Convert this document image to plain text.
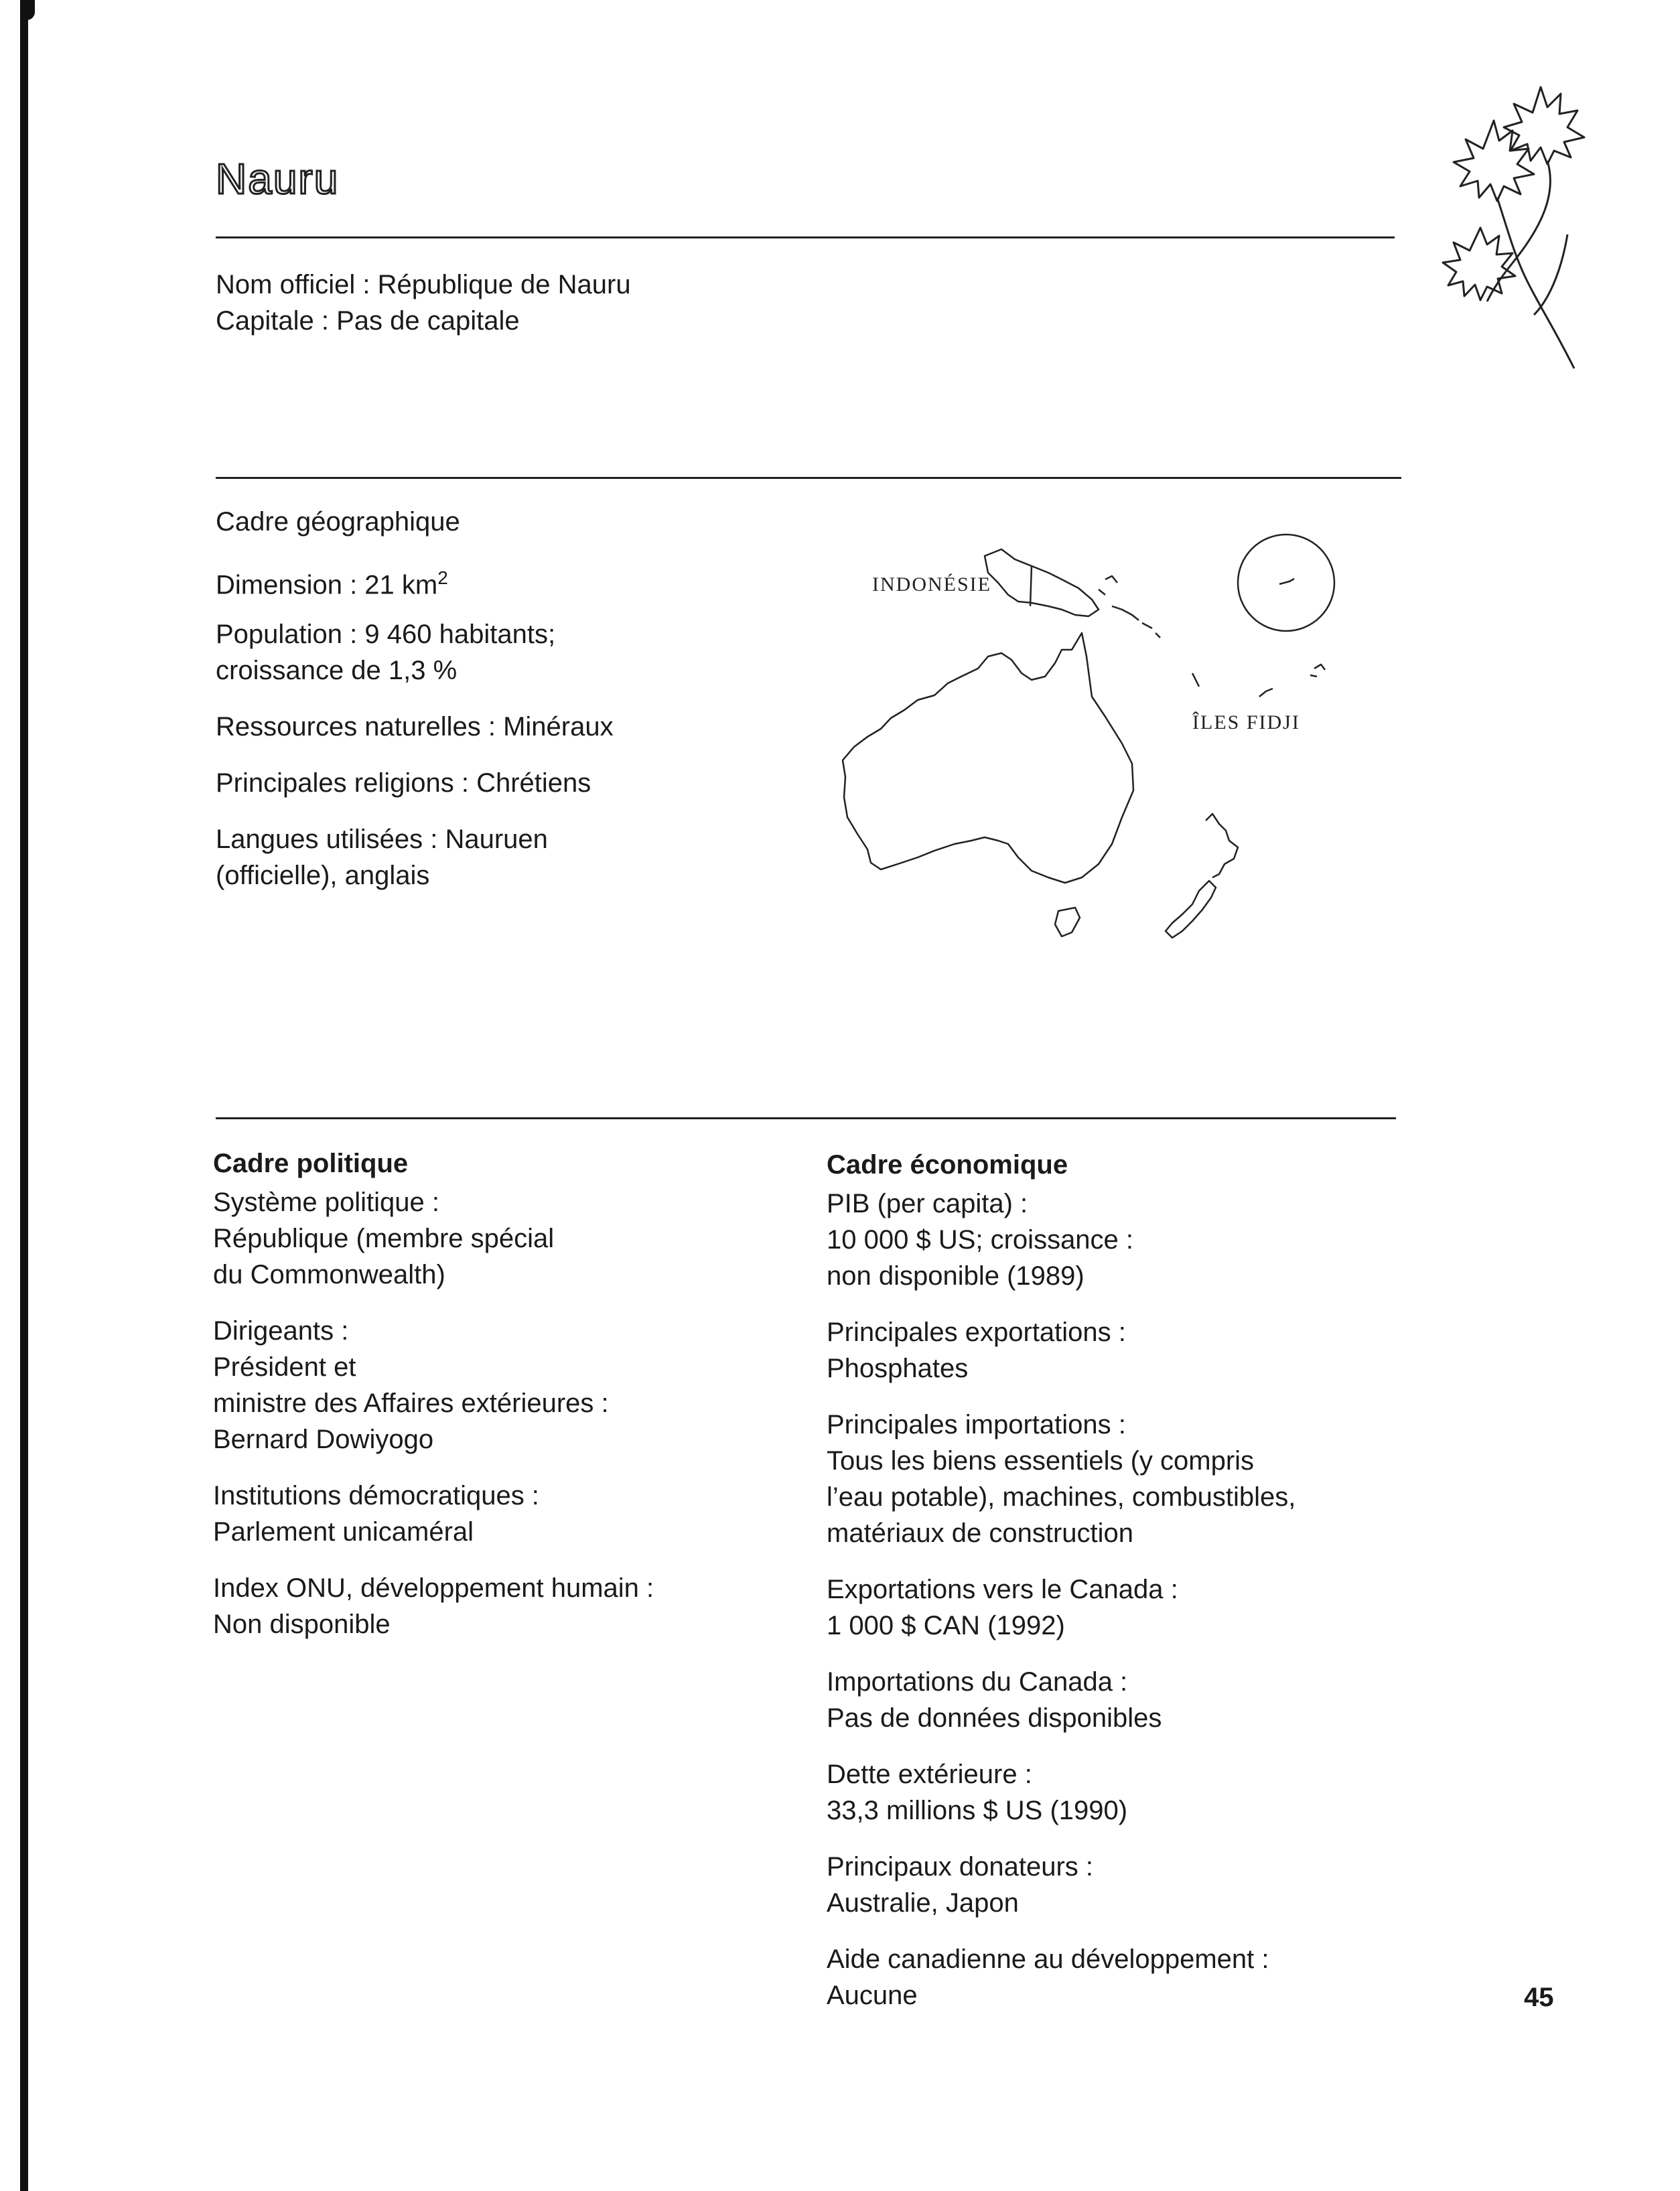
Nauru
Nom officiel : République de Nauru
Capitale : Pas de capitale
Cadre géographique
Dimension : 21 $km^2$
Population : 9 460 habitants;
croissance de 1,3 %
Ressources naturelles : Minéraux
Principales religions : Chrétiens
Langues utilisées : Nauruen
(officielle), anglais
INDONÉSIE
ÎLES FIDJI
Cadre politique
Système politique :
République (membre spécial
du Commonwealth)
Dirigeants :
Président et
ministre des Affaires extérieures :
Bernard Dowiyogo
Institutions démocratiques :
Parlement unicaméral
Index ONU, développement humain :
Non disponible
Cadre économique
PIB (per capita) :
10 000 $ US; croissance :
non disponible (1989)
Principales exportations :
Phosphates
Principales importations :
Tous les biens essentiels (y compris
l’eau potable), machines, combustibles,
matériaux de construction
Exportations vers le Canada :
1 000 $ CAN (1992)
Importations du Canada :
Pas de données disponibles
Dette extérieure :
33,3 millions $ US (1990)
Principaux donateurs :
Australie, Japon
Aide canadienne au développement :
Aucune	45
